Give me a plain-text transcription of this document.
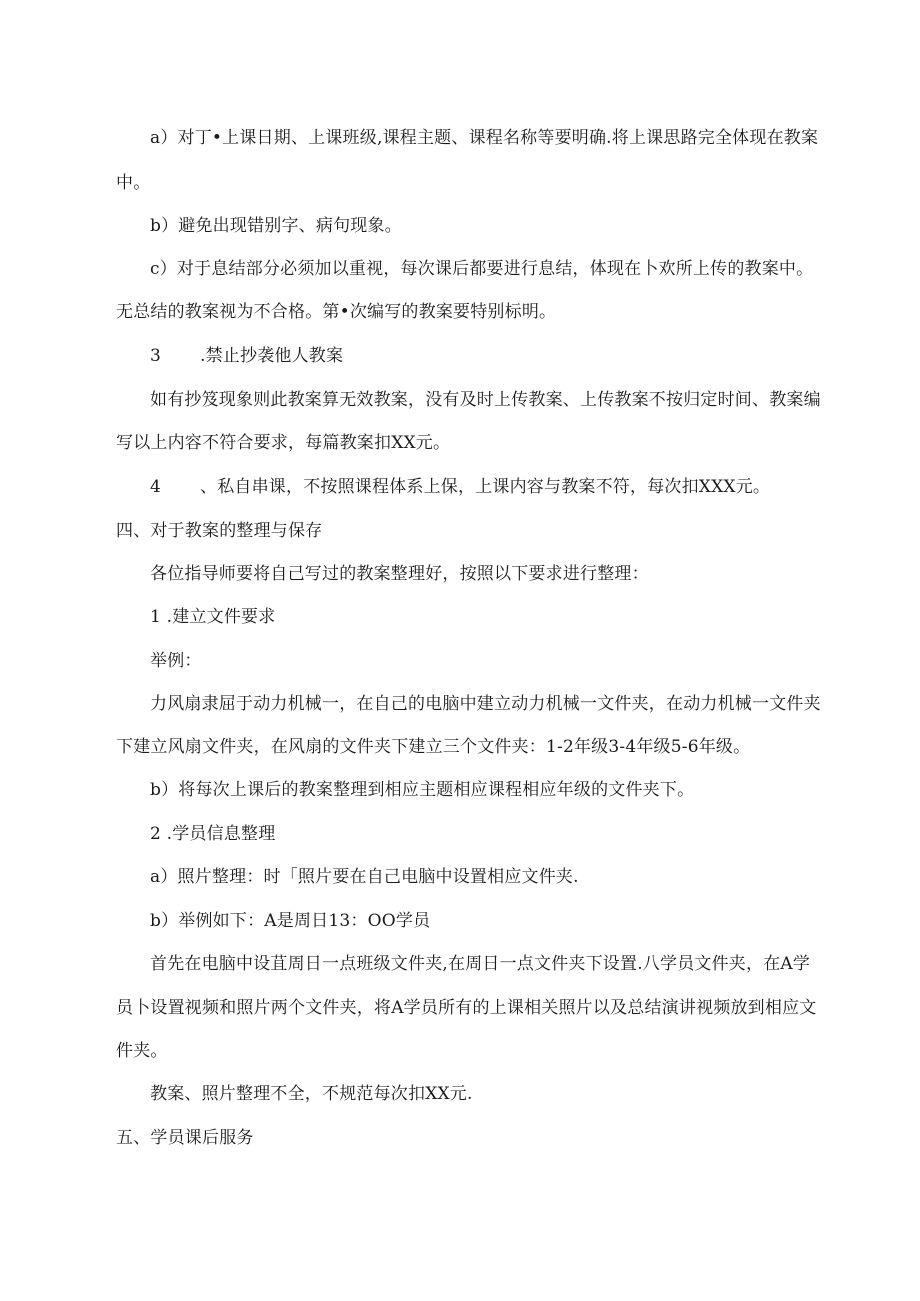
a）对丁•上课日期、上课班级,课程主题、课程名称等要明确.将上课思路完全体现在教案
中。
b）避免出现错别字、病句现象。
c）对于息结部分必须加以重视，每次课后都要进行息结，体现在卜欢所上传的教案中。
无总结的教案视为不合格。第•次编写的教案要特别标明。
3 .禁止抄袭他人教案
如有抄笈现象则此教案算无效教案，没有及时上传教案、上传教案不按归定时间、教案编
写以上内容不符合要求，每篇教案扣XX元。
4 、私自串课，不按照课程体系上保，上课内容与教案不符，每次扣XXX元。
四、对于教案的整理与保存
各位指导师要将自己写过的教案整理好，按照以下要求进行整理：
1 .建立文件要求
举例：
力风扇隶屈于动力机械一，在自己的电脑中建立动力机械一文件夹，在动力机械一文件夹
下建立风扇文件夹，在风扇的文件夹下建立三个文件夹：1-2年级3-4年级5-6年级。
b）将每次上课后的教案整理到相应主题相应课程相应年级的文件夹下。
2 .学员信息整理
a）照片整理：时「照片要在自己电脑中设置相应文件夹.
b）举例如下：A是周日13：OO学员
首先在电脑中设苴周日一点班级文件夹,在周日一点文件夹下设置.八学员文件夹，在A学
员卜设置视频和照片两个文件夹，将A学员所有的上课相关照片以及总结演讲视频放到相应文
件夹。
教案、照片整理不全，不规范每次扣XX元.
五、学员课后服务
